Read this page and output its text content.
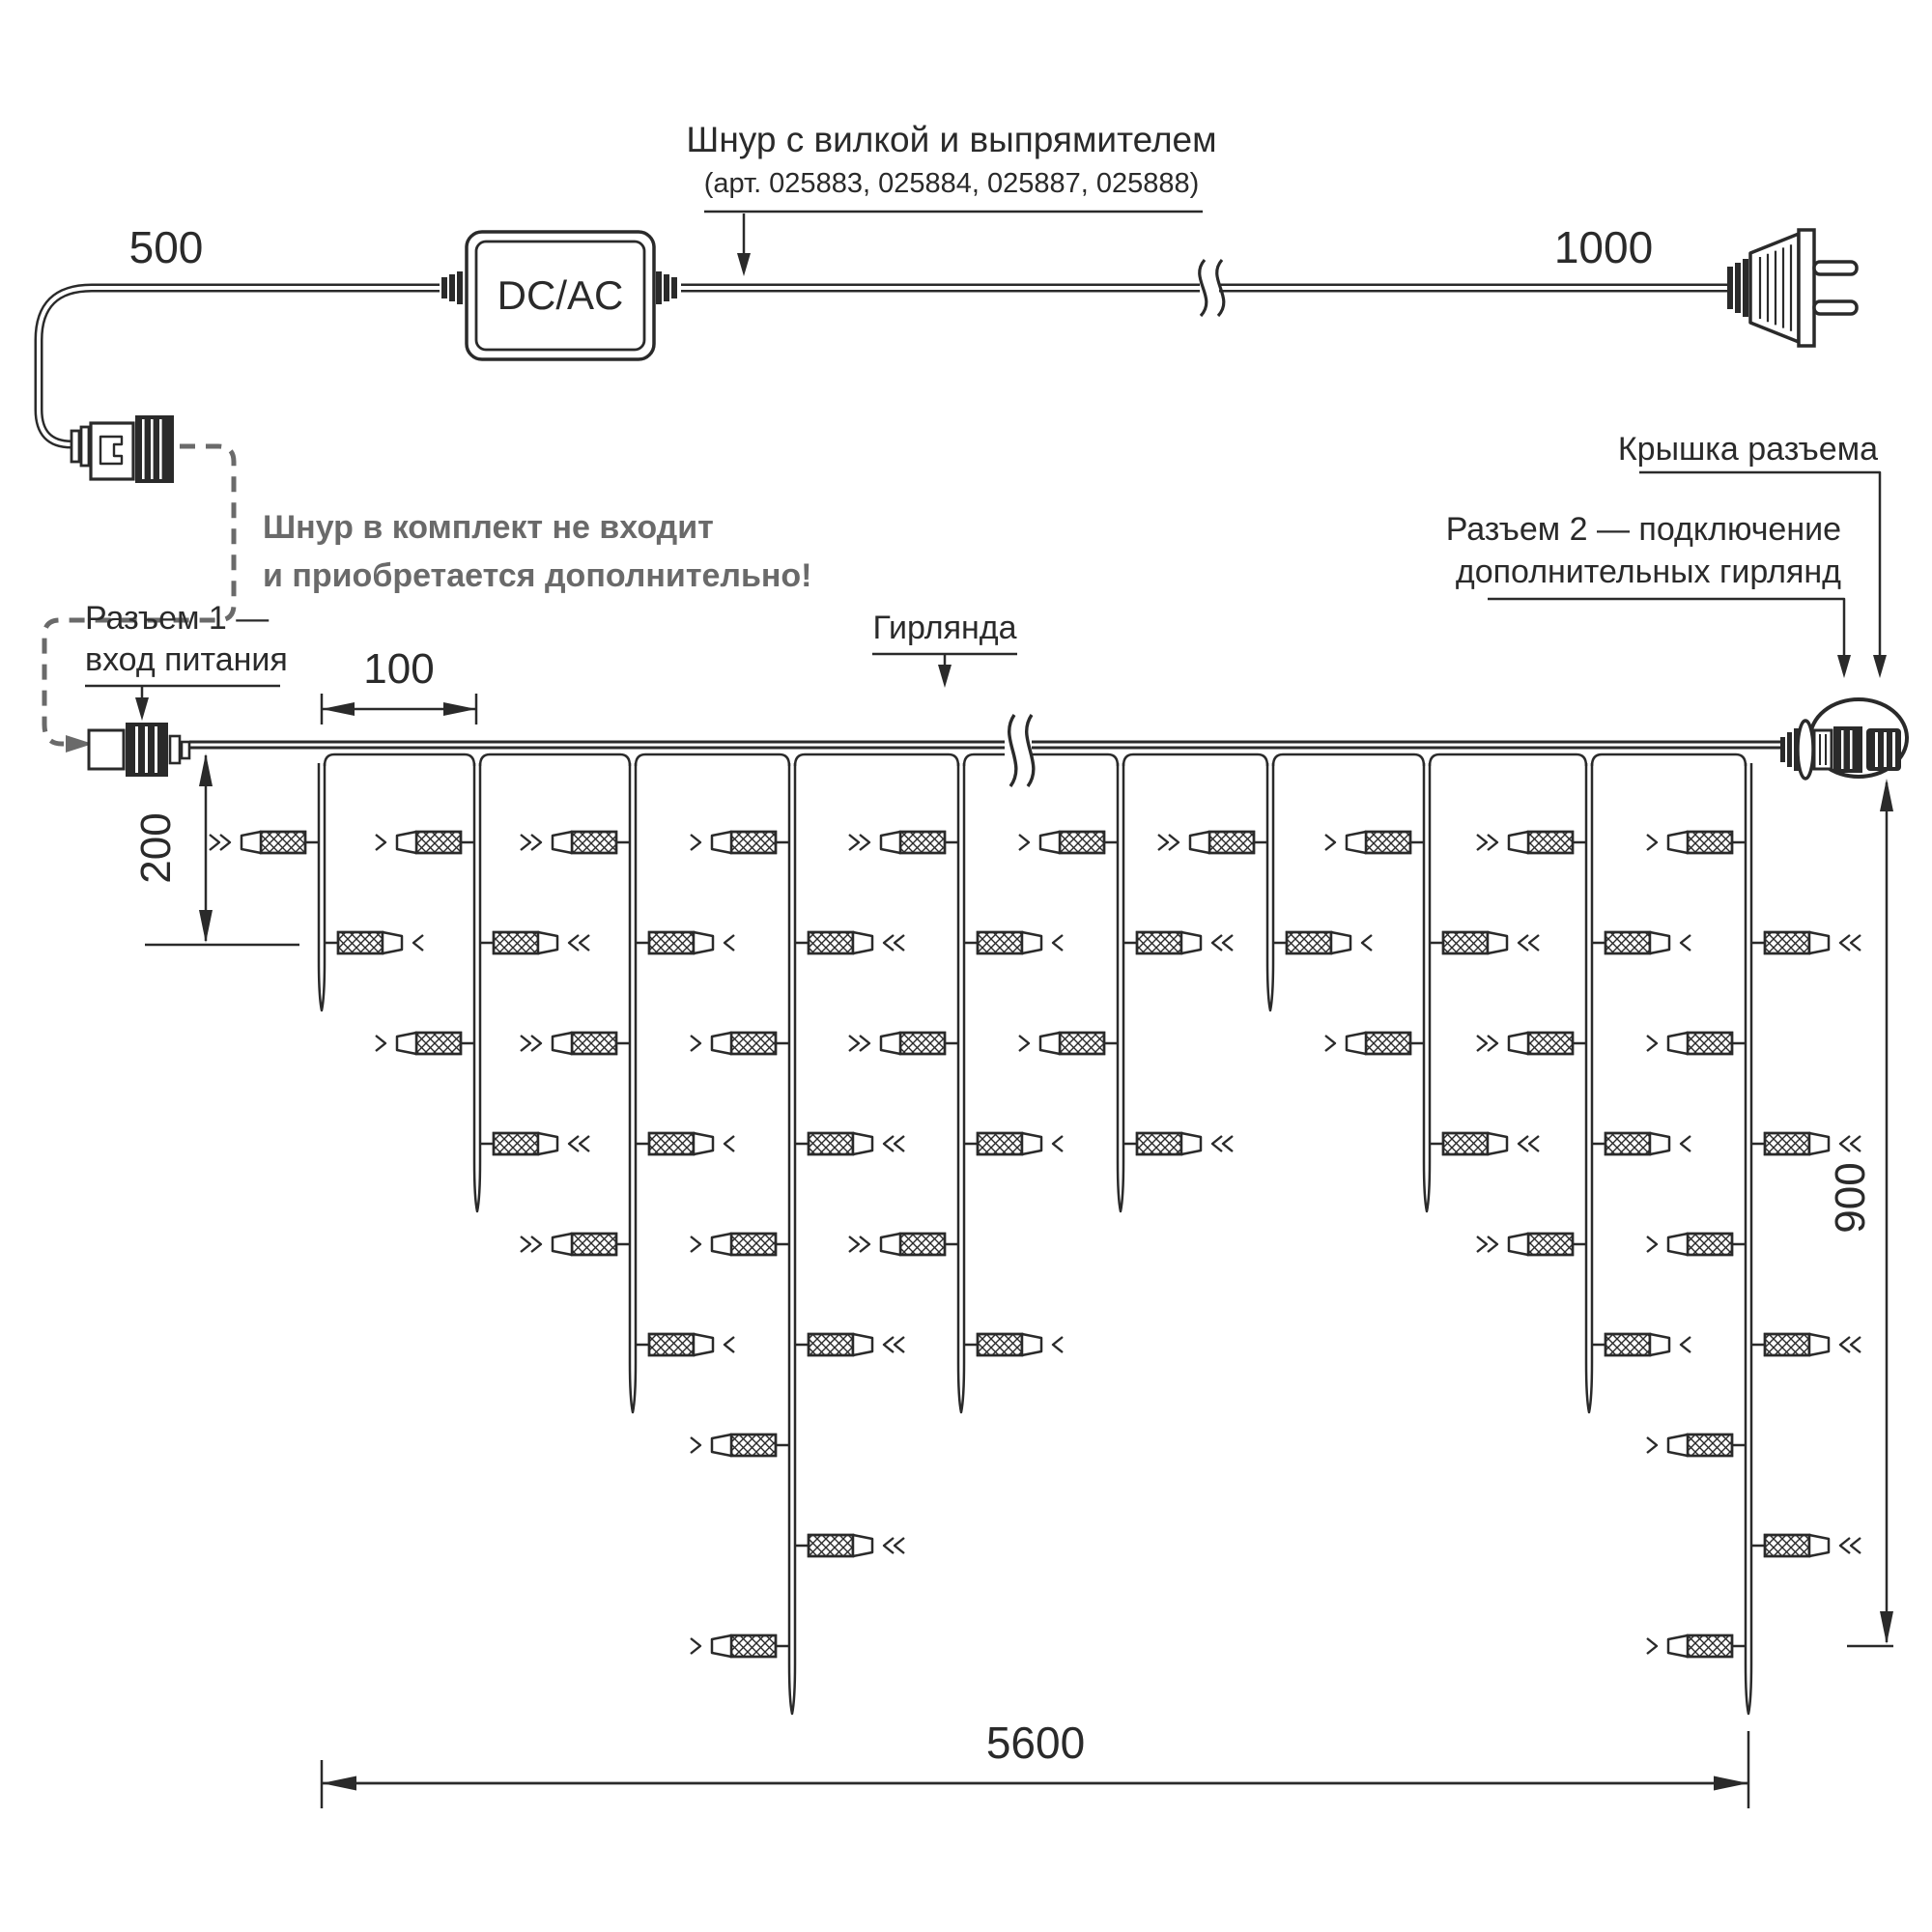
Шнур с вилкой и выпрямителем
(арт. 025883, 025884, 025887, 025888)
500	1000
DC/AC
Шнур в комплект не входит
и приобретается дополнительно!
Разъем 1 —
вход питания
Гирлянда
Крышка разъема
Разъем 2 — подключение
дополнительных гирлянд
100
200
900
5600
